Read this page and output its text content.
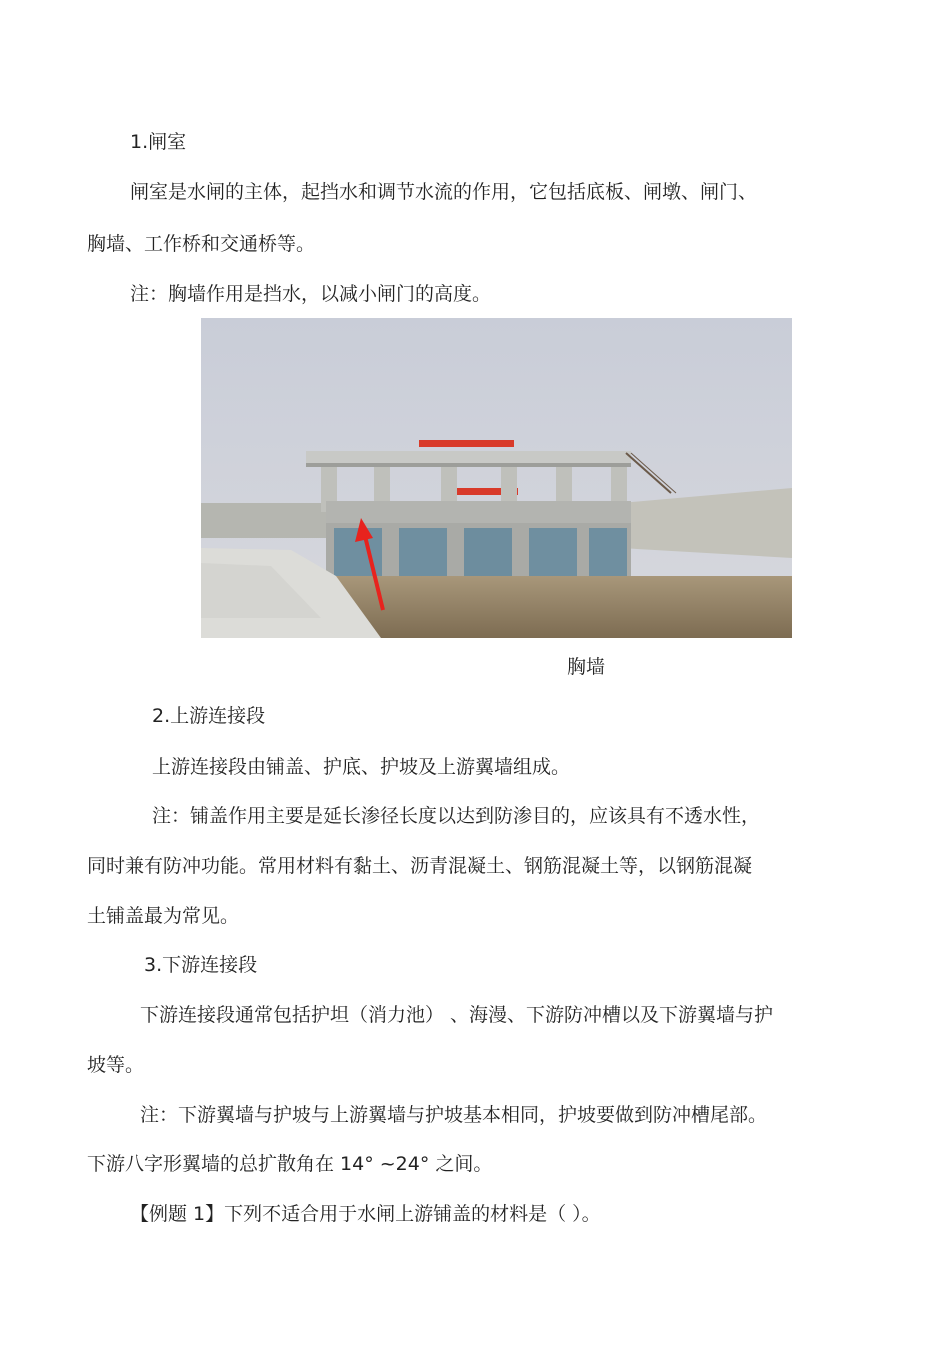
1.闸室
闸室是水闸的主体，起挡水和调节水流的作用，它包括底板、闸墩、闸门、
胸墙、工作桥和交通桥等。
注：胸墙作用是挡水，以减小闸门的高度。
胸墙
2.上游连接段
上游连接段由铺盖、护底、护坡及上游翼墙组成。
注：铺盖作用主要是延长渗径长度以达到防渗目的，应该具有不透水性，
同时兼有防冲功能。常用材料有黏土、沥青混凝土、钢筋混凝土等，以钢筋混凝
土铺盖最为常见。
3.下游连接段
下游连接段通常包括护坦（消力池） 、海漫、下游防冲槽以及下游翼墙与护
坡等。
注：下游翼墙与护坡与上游翼墙与护坡基本相同，护坡要做到防冲槽尾部。
下游八字形翼墙的总扩散角在 14° ~24° 之间。
【例题 1】下列不适合用于水闸上游铺盖的材料是（ ）。
